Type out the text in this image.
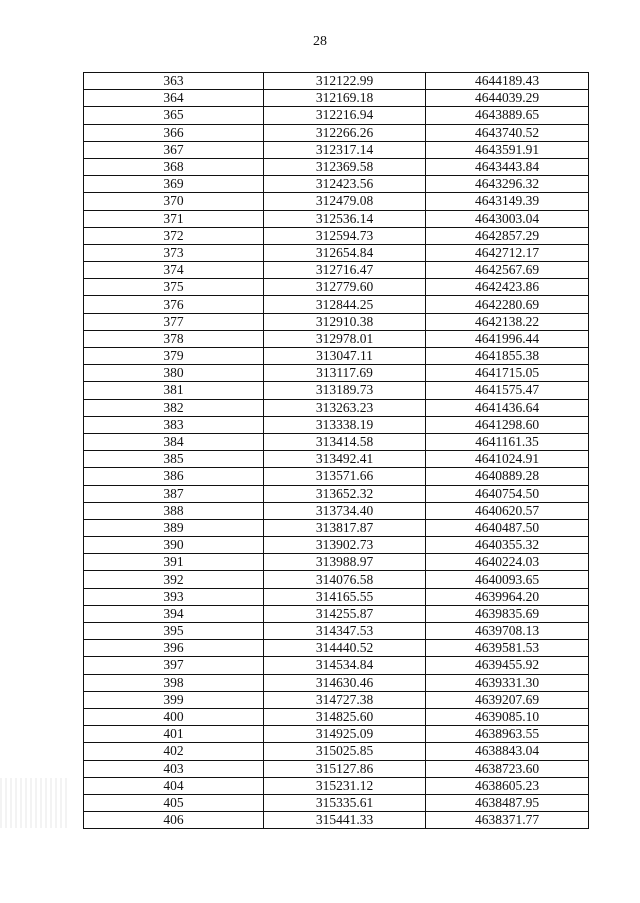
28
363	312122.99	4644189.43
364	312169.18	4644039.29
365	312216.94	4643889.65
366	312266.26	4643740.52
367	312317.14	4643591.91
368	312369.58	4643443.84
369	312423.56	4643296.32
370	312479.08	4643149.39
371	312536.14	4643003.04
372	312594.73	4642857.29
373	312654.84	4642712.17
374	312716.47	4642567.69
375	312779.60	4642423.86
376	312844.25	4642280.69
377	312910.38	4642138.22
378	312978.01	4641996.44
379	313047.11	4641855.38
380	313117.69	4641715.05
381	313189.73	4641575.47
382	313263.23	4641436.64
383	313338.19	4641298.60
384	313414.58	4641161.35
385	313492.41	4641024.91
386	313571.66	4640889.28
387	313652.32	4640754.50
388	313734.40	4640620.57
389	313817.87	4640487.50
390	313902.73	4640355.32
391	313988.97	4640224.03
392	314076.58	4640093.65
393	314165.55	4639964.20
394	314255.87	4639835.69
395	314347.53	4639708.13
396	314440.52	4639581.53
397	314534.84	4639455.92
398	314630.46	4639331.30
399	314727.38	4639207.69
400	314825.60	4639085.10
401	314925.09	4638963.55
402	315025.85	4638843.04
403	315127.86	4638723.60
404	315231.12	4638605.23
405	315335.61	4638487.95
406	315441.33	4638371.77
